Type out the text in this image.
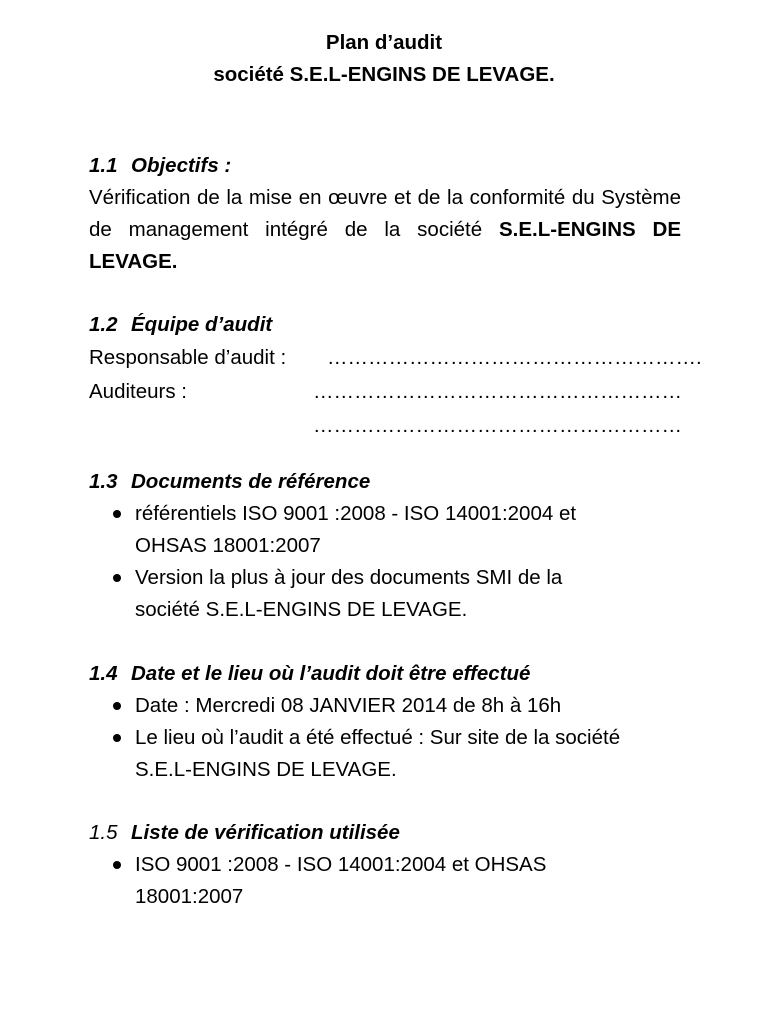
Plan d’audit
société S.E.L-ENGINS DE LEVAGE.
1.1 Objectifs :
Vérification de la mise en œuvre et de la conformité du Système de management intégré de la société S.E.L-ENGINS DE LEVAGE.
1.2 Équipe d’audit
Responsable d’audit : ……………………………………………….
Auditeurs :	………………………………………………
………………………………………………
1.3 Documents de référence
référentiels ISO 9001 :2008 - ISO 14001:2004 et OHSAS 18001:2007
Version la plus à jour des documents SMI de la société S.E.L-ENGINS DE LEVAGE.
1.4 Date et le lieu où l’audit doit être effectué
Date : Mercredi 08 JANVIER 2014 de 8h à 16h
Le lieu où l’audit a été effectué : Sur site de la société S.E.L-ENGINS DE LEVAGE.
1.5 Liste de vérification utilisée
ISO 9001 :2008 - ISO 14001:2004 et OHSAS 18001:2007
